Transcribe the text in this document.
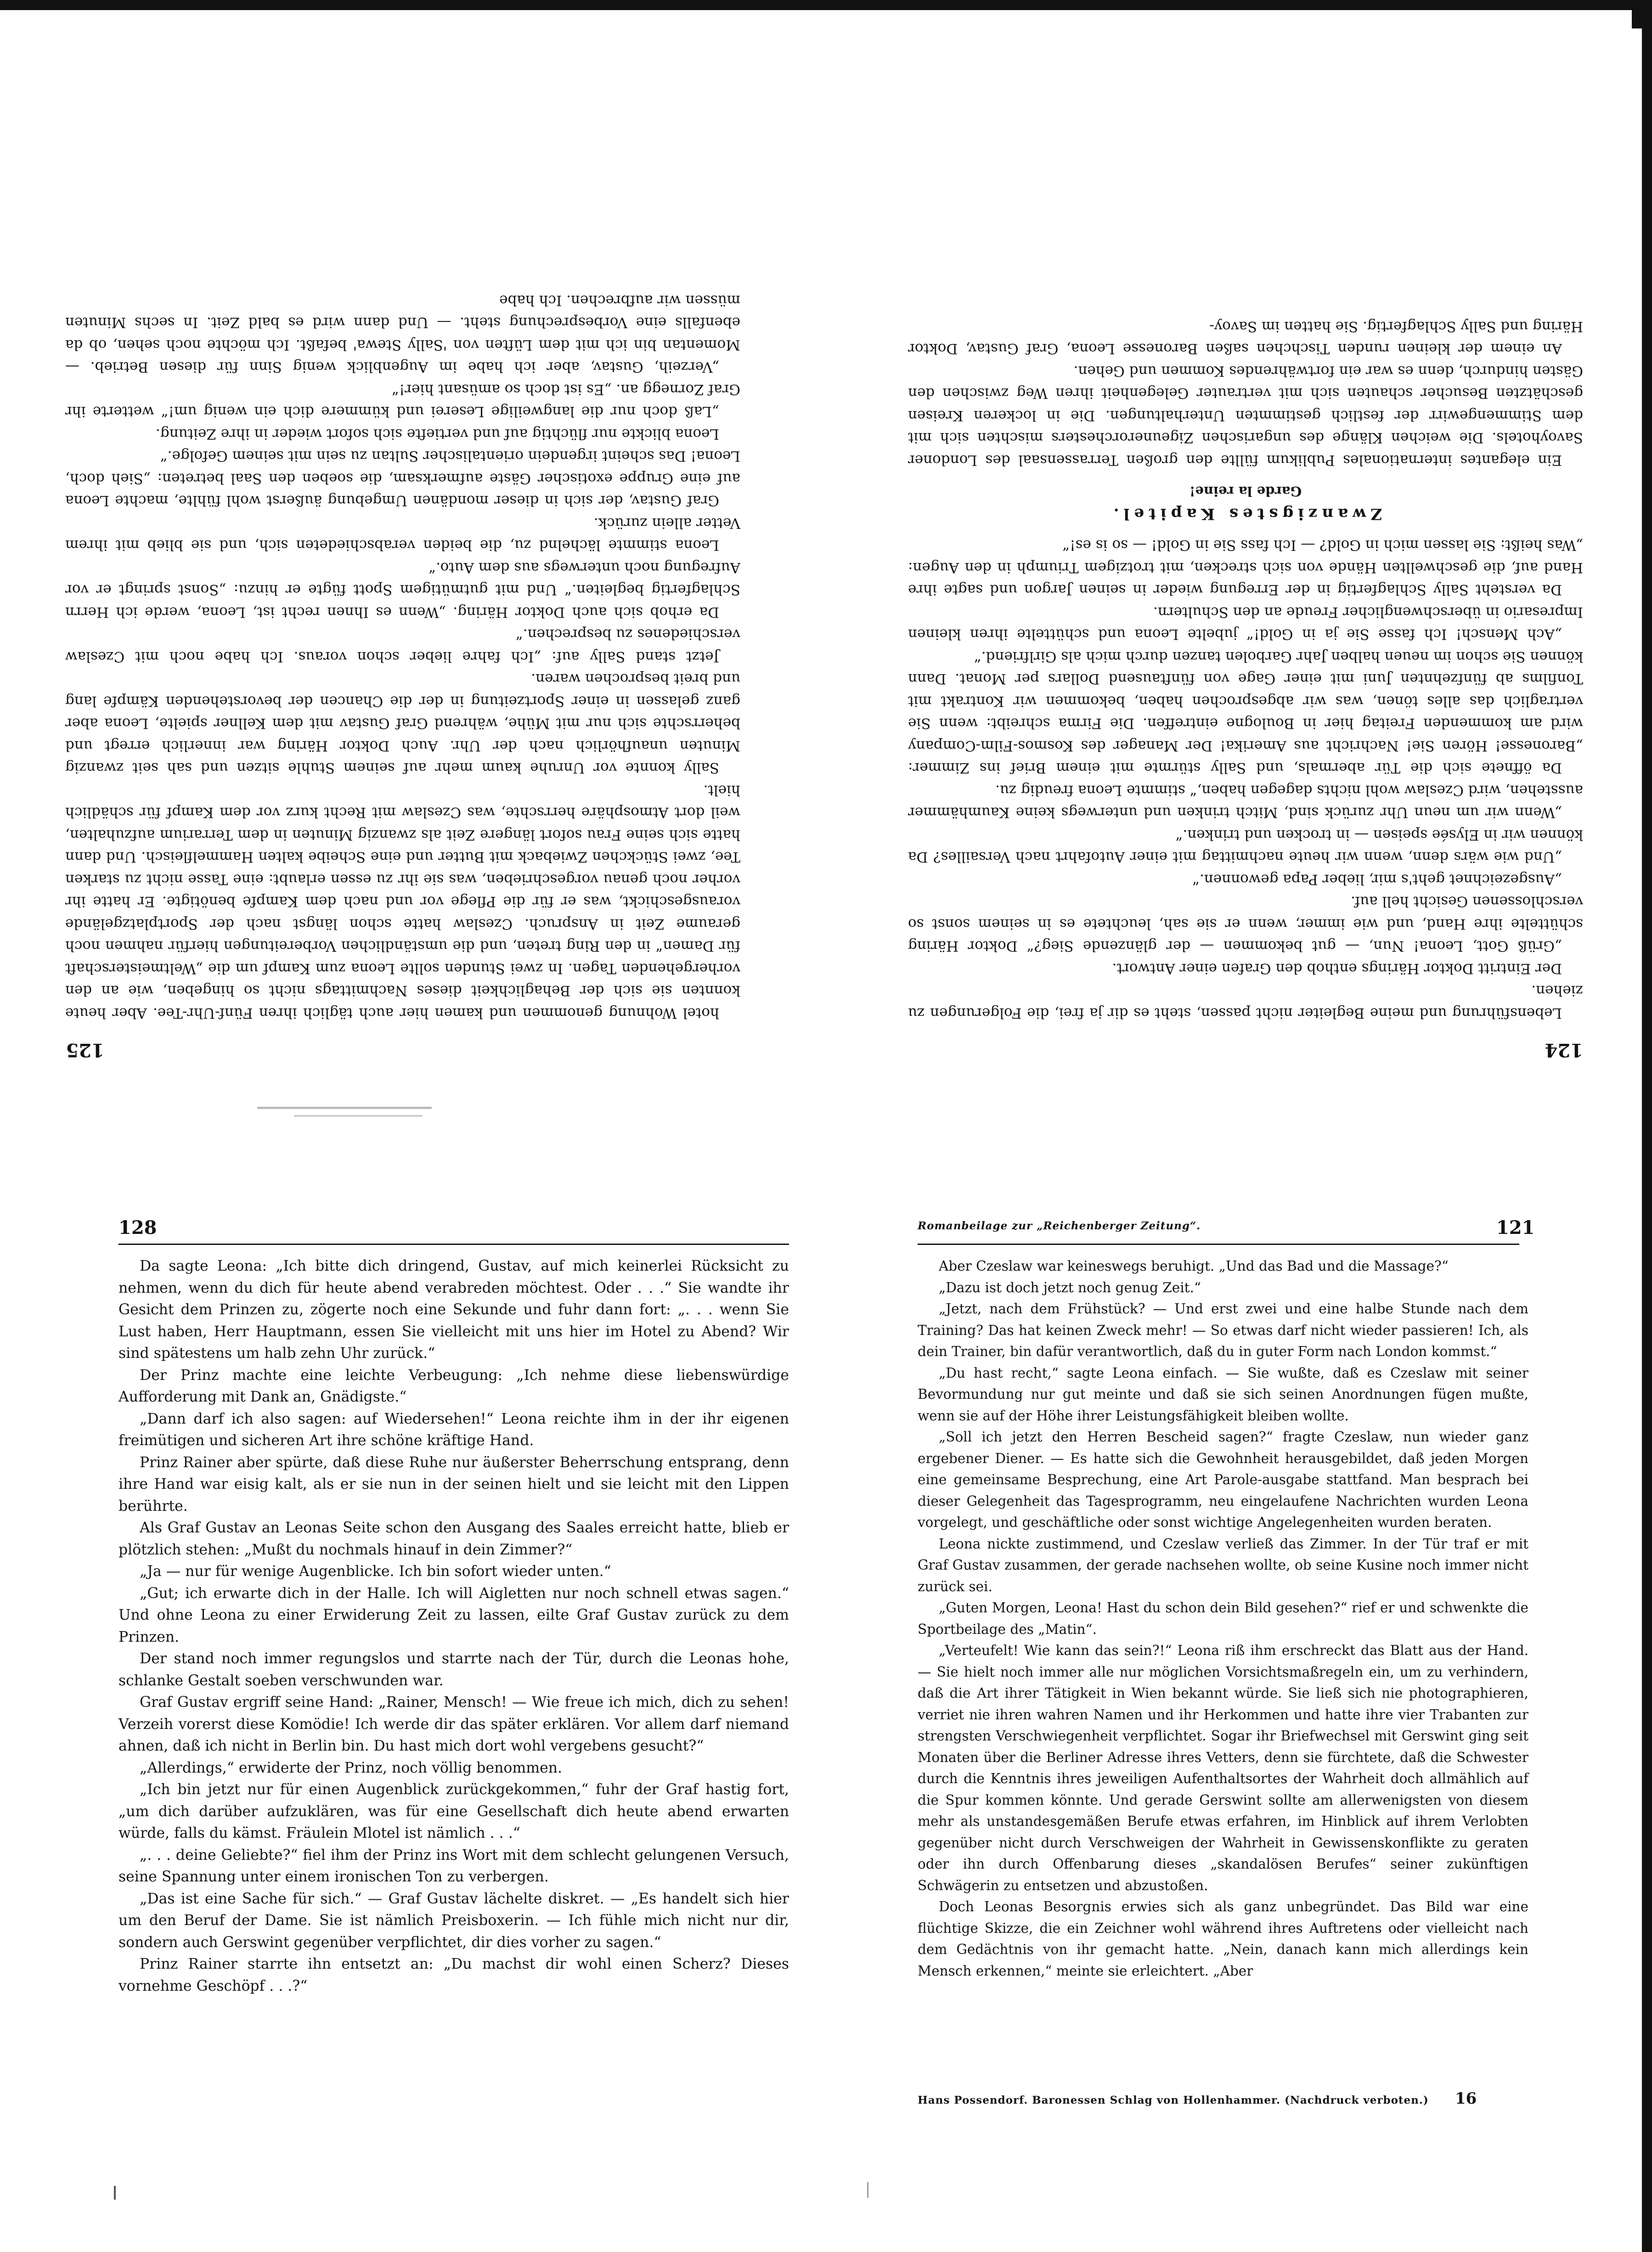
Lebensführung und meine Begleiter nicht passen, steht es dir ja frei, die Folgerungen zu ziehen.

Der Eintritt Doktor Härings enthob den Grafen einer Antwort.

„Grüß Gott, Leona! Nun, — gut bekommen — der glänzende Sieg?“ Doktor Häring schüttelte ihre Hand, und wie immer, wenn er sie sah, leuchtete es in seinem sonst so verschlossenen Gesicht hell auf.

„Ausgezeichnet geht's mir, lieber Papa gewonnen.“

„Und wie wärs denn, wenn wir heute nachmittag mit einer Autofahrt nach Versailles? Da können wir in Elysée speisen — in trocken und trinken.“

„Wenn wir um neun Uhr zurück sind, Mitch trinken und unterwegs keine Kaumhämmer ausstehen, wird Czeslaw wohl nichts dagegen haben,“ stimmte Leona freudig zu.

Da öffnete sich die Tür abermals, und Sally stürmte mit einem Brief ins Zimmer: „Baronesse! Hören Sie! Nachricht aus Amerika! Der Manager des Kosmos-Film-Company wird am kommenden Freitag hier in Boulogne eintreffen. Die Firma schreibt: wenn Sie vertraglich das alles tönen, was wir abgesprochen haben, bekommen wir Kontrakt mit Tonfilms ab fünfzehnten Juni mit einer Gage von fünftausend Dollars per Monat. Dann können Sie schon im neuen halben Jahr Garbolen tanzen durch mich als Girlfriend.“

„Ach Mensch! Ich fasse Sie ja in Gold!“ jubelte Leona und schüttelte ihren kleinen Impresario in überschwenglicher Freude an den Schultern.

Da versteht Sally Schlagfertig in der Erregung wieder in seinen Jargon und sagte ihre Hand auf, die geschwellten Hände von sich strecken, mit trotzigem Triumph in den Augen: „Was heißt: Sie lassen mich in Gold? — Ich fass Sie in Gold! — so is es!“

Zwanzigstes Kapitel.

Garde la reine!

Ein elegantes internationales Publikum füllte den großen Terrassensaal des Londoner Savoyhotels. Die weichen Klänge des ungarischen Zigeunerorchesters mischten sich mit dem Stimmengewirr der festlich gestimmten Unterhaltungen. Die in lockeren Kreisen geschätzten Besucher schauten sich mit vertrauter Gelegenheit ihren Weg zwischen den Gästen hindurch, denn es war ein fortwährendes Kommen und Gehen.

An einem der kleinen runden Tischchen saßen Baronesse Leona, Graf Gustav, Doktor Häring und Sally Schlagfertig. Sie hatten im Savoy-

124

hotel Wohnung genommen und kamen hier auch täglich ihren Fünf-Uhr-Tee. Aber heute konnten sie sich der Behaglichkeit dieses Nachmittags nicht so hingeben, wie an den vorhergehenden Tagen. In zwei Stunden sollte Leona zum Kampf um die „Weltmeisterschaft für Damen“ in den Ring treten, und die umständlichen Vorbereitungen hierfür nahmen noch geraume Zeit in Anspruch. Czeslaw hatte schon längst nach der Sportplatzgelände vorausgeschickt, was er für die Pflege vor und nach dem Kampfe benötigte. Er hatte ihr vorher noch genau vorgeschrieben, was sie ihr zu essen erlaubt: eine Tasse nicht zu starken Tee, zwei Stückchen Zwieback mit Butter und eine Scheibe kalten Hammelfleisch. Und dann hatte sich seine Frau sofort längere Zeit als zwanzig Minuten in dem Terrarium aufzuhalten, weil dort Atmosphäre herrschte, was Czeslaw mit Recht kurz vor dem Kampf für schädlich hielt.

Sally konnte vor Unruhe kaum mehr auf seinem Stuhle sitzen und sah seit zwanzig Minuten unaufhörlich nach der Uhr. Auch Doktor Häring war innerlich erregt und beherrschte sich nur mit Mühe, während Graf Gustav mit dem Kellner spielte, Leona aber ganz gelassen in einer Sportzeitung in der die Chancen der bevorstehenden Kämpfe lang und breit besprochen waren.

Jetzt stand Sally auf: „Ich fahre lieber schon voraus. Ich habe noch mit Czeslaw verschiedenes zu besprechen.“

Da erhob sich auch Doktor Häring. „Wenn es Ihnen recht ist, Leona, werde ich Herrn Schlagfertig begleiten.“ Und mit gutmütigem Spott fügte er hinzu: „Sonst springt er vor Aufregung noch unterwegs aus dem Auto.“

Leona stimmte lächelnd zu, die beiden verabschiedeten sich, und sie blieb mit ihrem Vetter allein zurück.

Graf Gustav, der sich in dieser mondänen Umgebung äußerst wohl fühlte, machte Leona auf eine Gruppe exotischer Gäste aufmerksam, die soeben den Saal betreten: „Sieh doch, Leona! Das scheint irgendein orientalischer Sultan zu sein mit seinem Gefolge.“

Leona blickte nur flüchtig auf und vertiefte sich sofort wieder in ihre Zeitung.

„Laß doch nur die langweilige Leserei und kümmere dich ein wenig um!“ wetterte ihr Graf Zornegg an. „Es ist doch so amüsant hier!“

„Verzeih, Gustav, aber ich habe im Augenblick wenig Sinn für diesen Betrieb. — Momentan bin ich mit dem Lüften von 'Sally Stewa' befaßt. Ich möchte noch sehen, ob da ebenfalls eine Vorbesprechung steht. — Und dann wird es bald Zeit. In sechs Minuten müssen wir aufbrechen. Ich habe

125
128	Romanbeilage zur „Reichenberger Zeitung“.	121

Da sagte Leona: „Ich bitte dich dringend, Gustav, auf mich keinerlei Rücksicht zu nehmen, wenn du dich für heute abend verabreden möchtest. Oder . . .“ Sie wandte ihr Gesicht dem Prinzen zu, zögerte noch eine Sekunde und fuhr dann fort: „. . . wenn Sie Lust haben, Herr Hauptmann, essen Sie vielleicht mit uns hier im Hotel zu Abend? Wir sind spätestens um halb zehn Uhr zurück.“

Der Prinz machte eine leichte Verbeugung: „Ich nehme diese liebenswürdige Aufforderung mit Dank an, Gnädigste.“

„Dann darf ich also sagen: auf Wiedersehen!“ Leona reichte ihm in der ihr eigenen freimütigen und sicheren Art ihre schöne kräftige Hand.

Prinz Rainer aber spürte, daß diese Ruhe nur äußerster Beherrschung entsprang, denn ihre Hand war eisig kalt, als er sie nun in der seinen hielt und sie leicht mit den Lippen berührte.

Als Graf Gustav an Leonas Seite schon den Ausgang des Saales erreicht hatte, blieb er plötzlich stehen: „Mußt du nochmals hinauf in dein Zimmer?“

„Ja — nur für wenige Augenblicke. Ich bin sofort wieder unten.“

„Gut; ich erwarte dich in der Halle. Ich will Aigletten nur noch schnell etwas sagen.“ Und ohne Leona zu einer Erwiderung Zeit zu lassen, eilte Graf Gustav zurück zu dem Prinzen.

Der stand noch immer regungslos und starrte nach der Tür, durch die Leonas hohe, schlanke Gestalt soeben verschwunden war.

Graf Gustav ergriff seine Hand: „Rainer, Mensch! — Wie freue ich mich, dich zu sehen! Verzeih vorerst diese Komödie! Ich werde dir das später erklären. Vor allem darf niemand ahnen, daß ich nicht in Berlin bin. Du hast mich dort wohl vergebens gesucht?“

„Allerdings,“ erwiderte der Prinz, noch völlig benommen.

„Ich bin jetzt nur für einen Augenblick zurückgekommen,“ fuhr der Graf hastig fort, „um dich darüber aufzuklären, was für eine Gesellschaft dich heute abend erwarten würde, falls du kämst. Fräulein Mlotel ist nämlich . . .“

„. . . deine Geliebte?“ fiel ihm der Prinz ins Wort mit dem schlecht gelungenen Versuch, seine Spannung unter einem ironischen Ton zu verbergen.

„Das ist eine Sache für sich.“ — Graf Gustav lächelte diskret. — „Es handelt sich hier um den Beruf der Dame. Sie ist nämlich Preisboxerin. — Ich fühle mich nicht nur dir, sondern auch Gerswint gegenüber verpflichtet, dir dies vorher zu sagen.“

Prinz Rainer starrte ihn entsetzt an: „Du machst dir wohl einen Scherz? Dieses vornehme Geschöpf . . .?“

Aber Czeslaw war keineswegs beruhigt. „Und das Bad und die Massage?“

„Dazu ist doch jetzt noch genug Zeit.“

„Jetzt, nach dem Frühstück? — Und erst zwei und eine halbe Stunde nach dem Training? Das hat keinen Zweck mehr! — So etwas darf nicht wieder passieren! Ich, als dein Trainer, bin dafür verantwortlich, daß du in guter Form nach London kommst.“

„Du hast recht,“ sagte Leona einfach. — Sie wußte, daß es Czeslaw mit seiner Bevormundung nur gut meinte und daß sie sich seinen Anordnungen fügen mußte, wenn sie auf der Höhe ihrer Leistungsfähigkeit bleiben wollte.

„Soll ich jetzt den Herren Bescheid sagen?“ fragte Czeslaw, nun wieder ganz ergebener Diener. — Es hatte sich die Gewohnheit herausgebildet, daß jeden Morgen eine gemeinsame Besprechung, eine Art Parole-ausgabe stattfand. Man besprach bei dieser Gelegenheit das Tagesprogramm, neu eingelaufene Nachrichten wurden Leona vorgelegt, und geschäftliche oder sonst wichtige Angelegenheiten wurden beraten.

Leona nickte zustimmend, und Czeslaw verließ das Zimmer. In der Tür traf er mit Graf Gustav zusammen, der gerade nachsehen wollte, ob seine Kusine noch immer nicht zurück sei.

„Guten Morgen, Leona! Hast du schon dein Bild gesehen?“ rief er und schwenkte die Sportbeilage des „Matin“.

„Verteufelt! Wie kann das sein?!“ Leona riß ihm erschreckt das Blatt aus der Hand. — Sie hielt noch immer alle nur möglichen Vorsichtsmaßregeln ein, um zu verhindern, daß die Art ihrer Tätigkeit in Wien bekannt würde. Sie ließ sich nie photographieren, verriet nie ihren wahren Namen und ihr Herkommen und hatte ihre vier Trabanten zur strengsten Verschwiegenheit verpflichtet. Sogar ihr Briefwechsel mit Gerswint ging seit Monaten über die Berliner Adresse ihres Vetters, denn sie fürchtete, daß die Schwester durch die Kenntnis ihres jeweiligen Aufenthaltsortes der Wahrheit doch allmählich auf die Spur kommen könnte. Und gerade Gerswint sollte am allerwenigsten von diesem mehr als unstandesgemäßen Berufe etwas erfahren, im Hinblick auf ihrem Verlobten gegenüber nicht durch Verschweigen der Wahrheit in Gewissenskonflikte zu geraten oder ihn durch Offenbarung dieses „skandalösen Berufes“ seiner zukünftigen Schwägerin zu entsetzen und abzustoßen.

Doch Leonas Besorgnis erwies sich als ganz unbegründet. Das Bild war eine flüchtige Skizze, die ein Zeichner wohl während ihres Auftretens oder vielleicht nach dem Gedächtnis von ihr gemacht hatte. „Nein, danach kann mich allerdings kein Mensch erkennen,“ meinte sie erleichtert. „Aber

Hans Possendorf. Baronessen Schlag von Hollenhammer. (Nachdruck verboten.) 16
